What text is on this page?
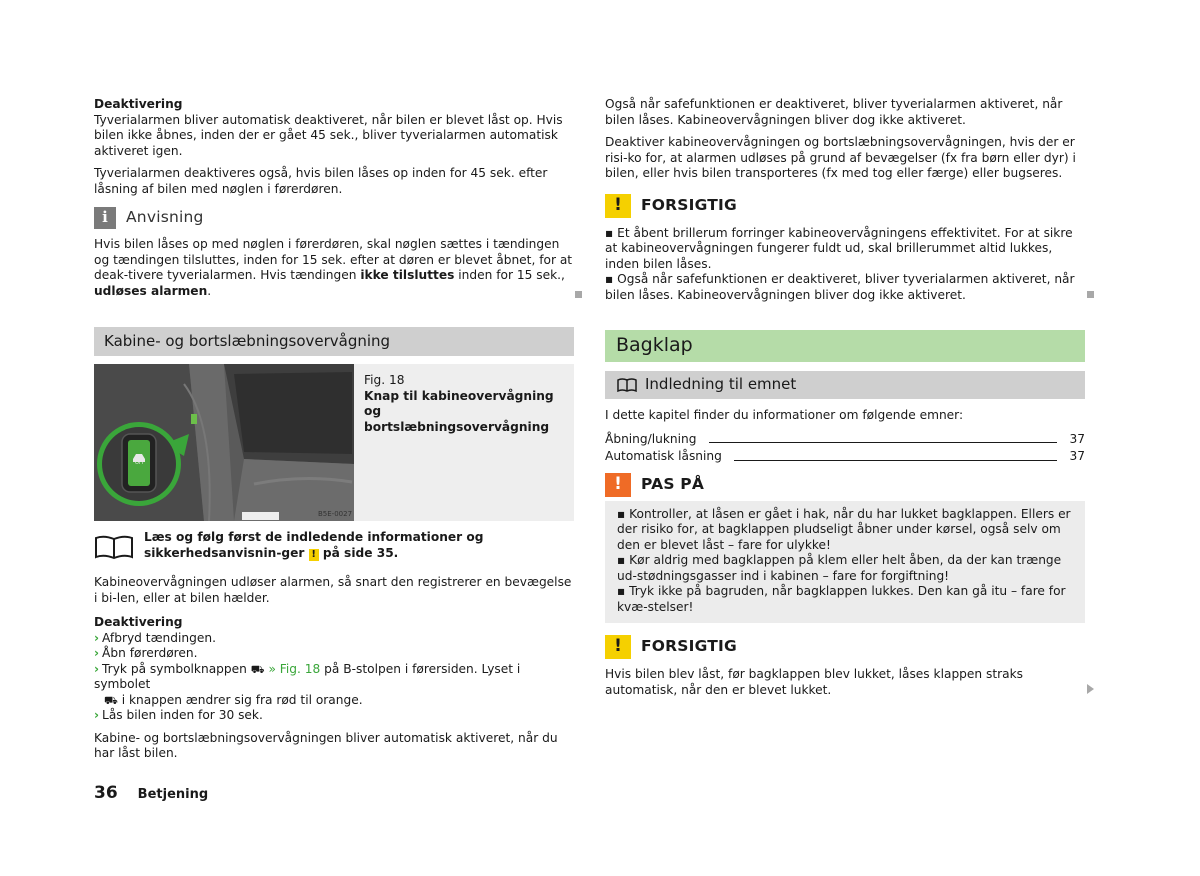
Deaktivering

Tyverialarmen bliver automatisk deaktiveret, når bilen er blevet låst op. Hvis bilen ikke åbnes, inden der er gået 45 sek., bliver tyverialarmen automatisk aktiveret igen.

Tyverialarmen deaktiveres også, hvis bilen låses op inden for 45 sek. efter låsning af bilen med nøglen i førerdøren.

i	Anvisning

Hvis bilen låses op med nøglen i førerdøren, skal nøglen sættes i tændingen og tændingen tilsluttes, inden for 15 sek. efter at døren er blevet åbnet, for at deak-tivere tyverialarmen. Hvis tændingen ikke tilsluttes inden for 15 sek., udløses alarmen.

Kabine- og bortslæbningsovervågning
OFF
B5E-0027

Fig. 18

Knap til kabineovervågning og bortslæbningsovervågning

Læs og følg først de indledende informationer og sikkerhedsanvisnin-ger ! på side 35.

Kabineovervågningen udløser alarmen, så snart den registrerer en bevægelse i bi-len, eller at bilen hælder.

Deaktivering

› Afbryd tændingen.

› Åbn førerdøren.

› Tryk på symbolknappen ⛟ » Fig. 18 på B-stolpen i førersiden. Lyset i symbolet

⛟ i knappen ændrer sig fra rød til orange.

› Lås bilen inden for 30 sek.

Kabine- og bortslæbningsovervågningen bliver automatisk aktiveret, når du har låst bilen.

Også når safefunktionen er deaktiveret, bliver tyverialarmen aktiveret, når bilen låses. Kabineovervågningen bliver dog ikke aktiveret.

Deaktiver kabineovervågningen og bortslæbningsovervågningen, hvis der er risi-ko for, at alarmen udløses på grund af bevægelser (fx fra børn eller dyr) i bilen, eller hvis bilen transporteres (fx med tog eller færge) eller bugseres.

!	FORSIGTIG

▪ Et åbent brillerum forringer kabineovervågningens effektivitet. For at sikre at kabineovervågningen fungerer fuldt ud, skal brillerummet altid lukkes, inden bilen låses.

▪ Også når safefunktionen er deaktiveret, bliver tyverialarmen aktiveret, når bilen låses. Kabineovervågningen bliver dog ikke aktiveret.

Bagklap
Indledning til emnet

I dette kapitel finder du informationer om følgende emner:

Åbning/lukning	37
Automatisk låsning	37
!	PAS PÅ

▪ Kontroller, at låsen er gået i hak, når du har lukket bagklappen. Ellers er der risiko for, at bagklappen pludseligt åbner under kørsel, også selv om den er blevet låst – fare for ulykke!

▪ Kør aldrig med bagklappen på klem eller helt åben, da der kan trænge ud-stødningsgasser ind i kabinen – fare for forgiftning!

▪ Tryk ikke på bagruden, når bagklappen lukkes. Den kan gå itu – fare for kvæ-stelser!

!	FORSIGTIG

Hvis bilen blev låst, før bagklappen blev lukket, låses klappen straks automatisk, når den er blevet lukket.

36 Betjening
